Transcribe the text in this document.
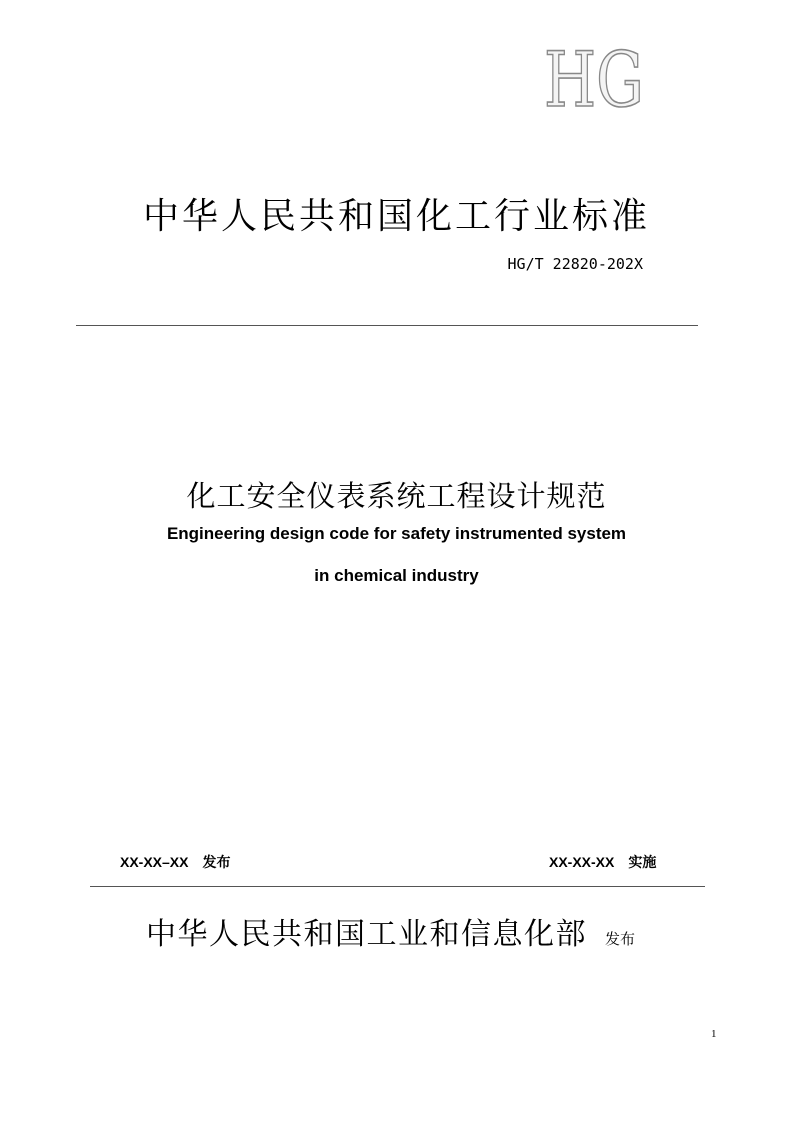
HG
中华人民共和国化工行业标准
HG/T 22820-202X
化工安全仪表系统工程设计规范
Engineering design code for safety instrumented system
in chemical industry
XX-XX–XX 发布	XX-XX-XX 实施
中华人民共和国工业和信息化部 发布
1
